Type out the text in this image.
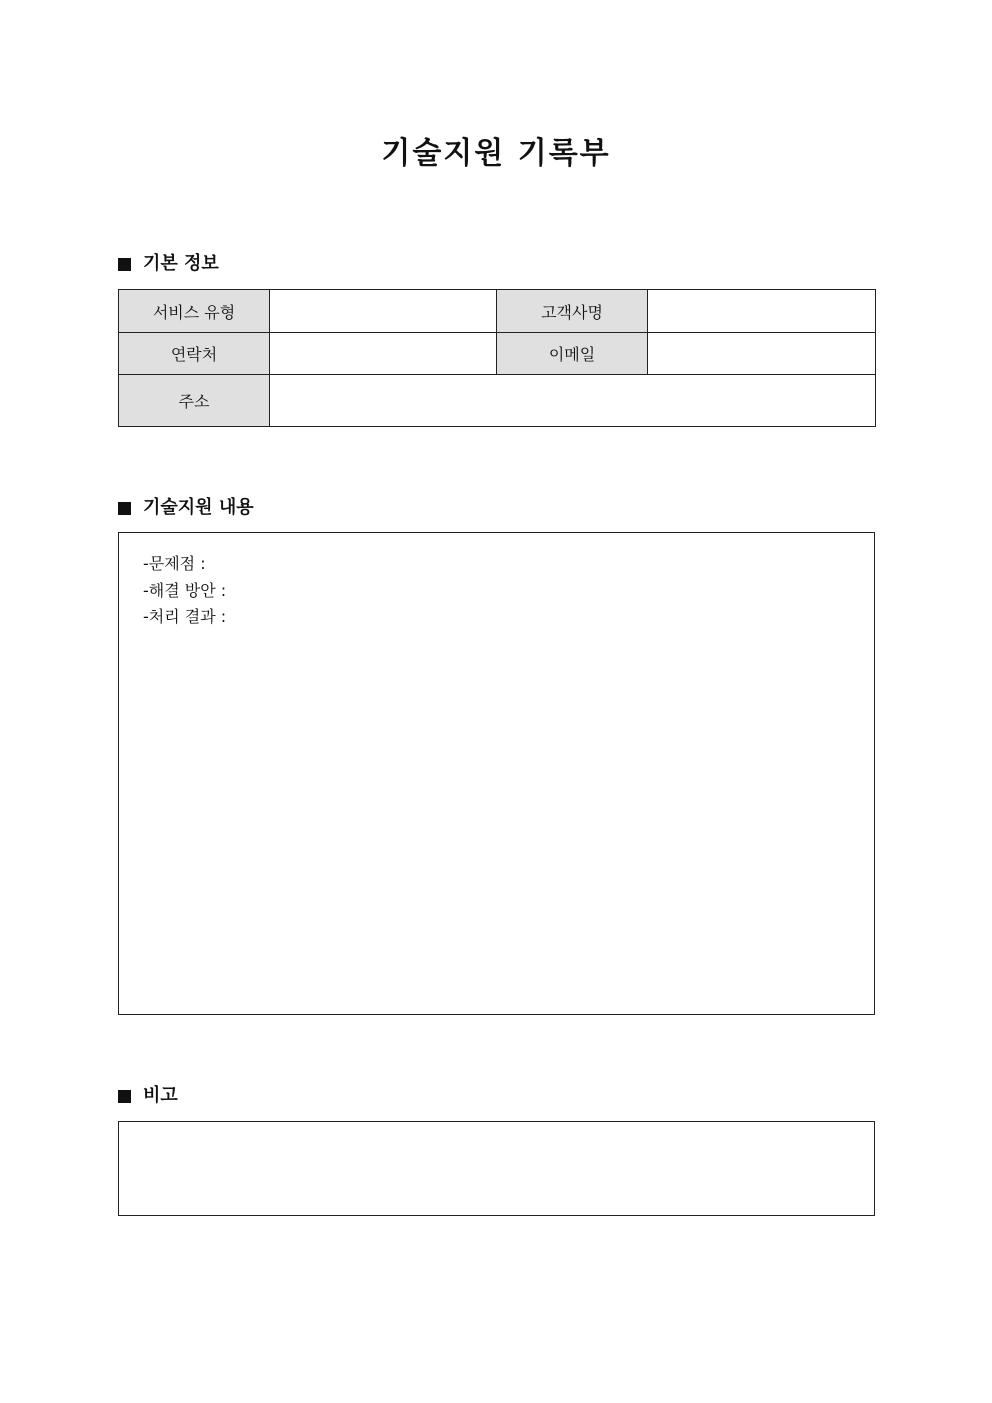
기술지원 기록부
기본 정보
서비스 유형		고객사명	
연락처		이메일	
주소			
기술지원 내용
-문제점 :
-해결 방안 :
-처리 결과 :
비고
